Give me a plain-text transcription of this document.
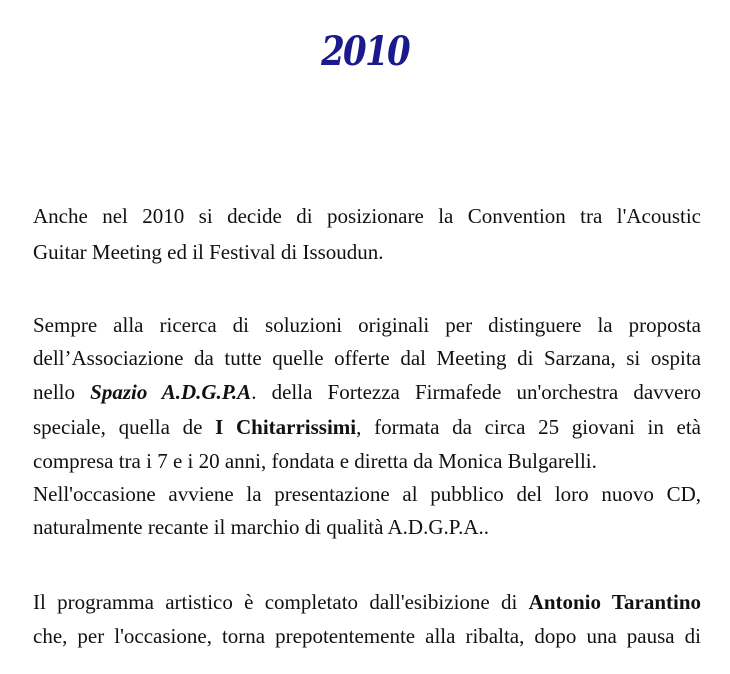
2010
Anche nel 2010 si decide di posizionare la Convention tra l'Acoustic
Guitar Meeting ed il Festival di Issoudun.
Sempre alla ricerca di soluzioni originali per distinguere la proposta
dell’Associazione da tutte quelle offerte dal Meeting di Sarzana, si ospita
nello Spazio A.D.G.P.A. della Fortezza Firmafede un'orchestra davvero
speciale, quella de I Chitarrissimi, formata da circa 25 giovani in età
compresa tra i 7 e i 20 anni, fondata e diretta da Monica Bulgarelli.
Nell'occasione avviene la presentazione al pubblico del loro nuovo CD,
naturalmente recante il marchio di qualità A.D.G.P.A..
Il programma artistico è completato dall'esibizione di Antonio Tarantino
che, per l'occasione, torna prepotentemente alla ribalta, dopo una pausa di
